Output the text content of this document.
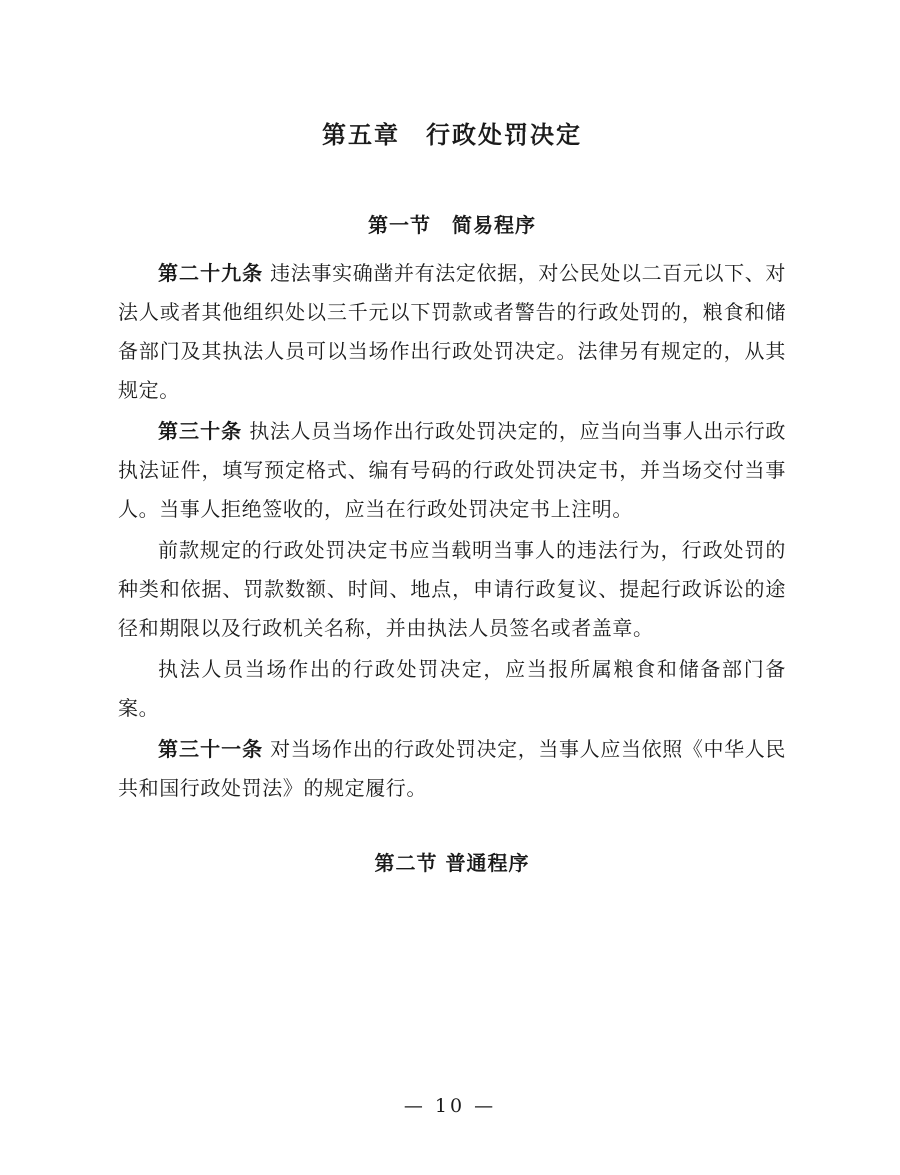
第五章　行政处罚决定
第一节　简易程序

第二十九条 违法事实确凿并有法定依据，对公民处以二百元以下、对法人或者其他组织处以三千元以下罚款或者警告的行政处罚的，粮食和储备部门及其执法人员可以当场作出行政处罚决定。法律另有规定的，从其规定。

第三十条 执法人员当场作出行政处罚决定的，应当向当事人出示行政执法证件，填写预定格式、编有号码的行政处罚决定书，并当场交付当事人。当事人拒绝签收的，应当在行政处罚决定书上注明。

前款规定的行政处罚决定书应当载明当事人的违法行为，行政处罚的种类和依据、罚款数额、时间、地点，申请行政复议、提起行政诉讼的途径和期限以及行政机关名称，并由执法人员签名或者盖章。

执法人员当场作出的行政处罚决定，应当报所属粮食和储备部门备案。

第三十一条 对当场作出的行政处罚决定，当事人应当依照《中华人民共和国行政处罚法》的规定履行。

第二节 普通程序
— 10 —
